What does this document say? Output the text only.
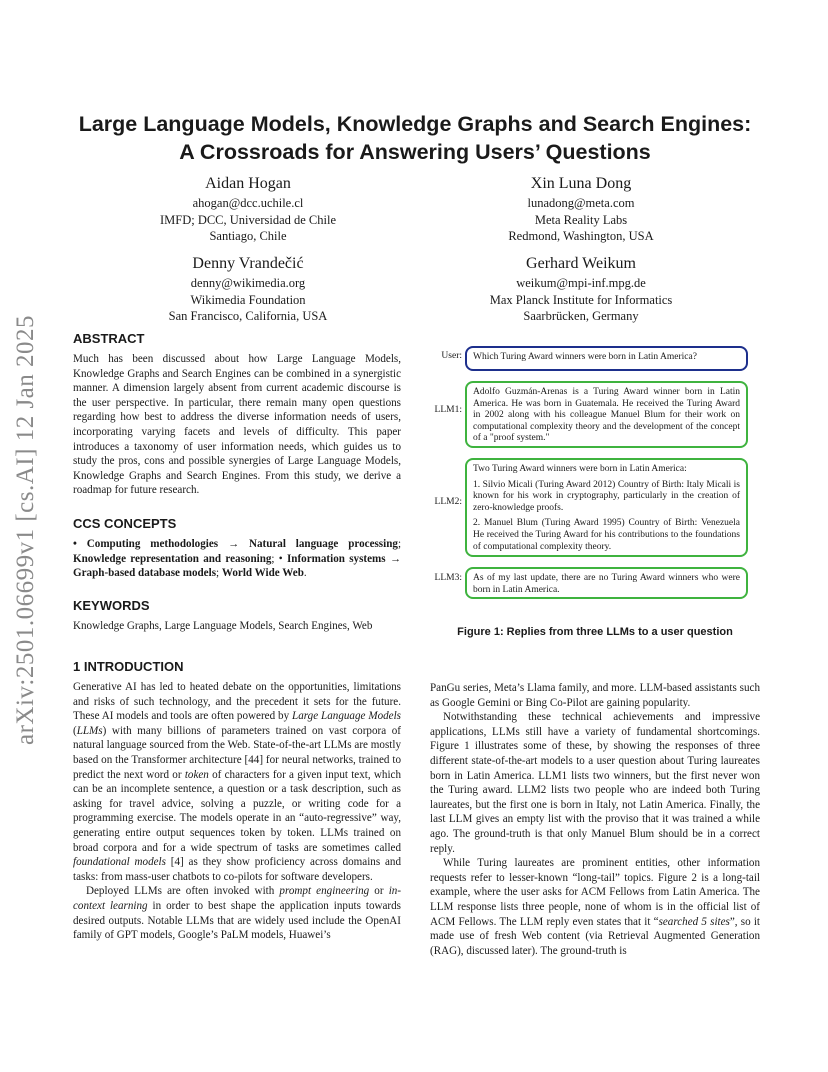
arXiv:2501.06699v1 [cs.AI] 12 Jan 2025
Large Language Models, Knowledge Graphs and Search Engines:
A Crossroads for Answering Users’ Questions
Aidan Hogan
ahogan@dcc.uchile.cl
IMFD; DCC, Universidad de Chile
Santiago, Chile
Xin Luna Dong
lunadong@meta.com
Meta Reality Labs
Redmond, Washington, USA
Denny Vrandečić
denny@wikimedia.org
Wikimedia Foundation
San Francisco, California, USA
Gerhard Weikum
weikum@mpi-inf.mpg.de
Max Planck Institute for Informatics
Saarbrücken, Germany
ABSTRACT

Much has been discussed about how Large Language Models, Knowledge Graphs and Search Engines can be combined in a synergistic manner. A dimension largely absent from current academic discourse is the user perspective. In particular, there remain many open questions regarding how best to address the diverse information needs of users, incorporating varying facets and levels of difficulty. This paper introduces a taxonomy of user information needs, which guides us to study the pros, cons and possible synergies of Large Language Models, Knowledge Graphs and Search Engines. From this study, we derive a roadmap for future research.

CCS CONCEPTS

• Computing methodologies → Natural language processing; Knowledge representation and reasoning; • Information systems → Graph-based database models; World Wide Web.

KEYWORDS

Knowledge Graphs, Large Language Models, Search Engines, Web

1 INTRODUCTION

Generative AI has led to heated debate on the opportunities, limitations and risks of such technology, and the precedent it sets for the future. These AI models and tools are often powered by Large Language Models (LLMs) with many billions of parameters trained on vast corpora of natural language sourced from the Web. State-of-the-art LLMs are mostly based on the Transformer architecture [44] for neural networks, trained to predict the next word or token of characters for a given input text, which can be an incomplete sentence, a question or a task description, such as asking for travel advice, solving a puzzle, or writing code for a programming exercise. The models operate in an “auto-regressive” way, generating entire output sequences token by token. LLMs trained on broad corpora and for a wide spectrum of tasks are sometimes called foundational models [4] as they show proficiency across domains and tasks: from mass-user chatbots to co-pilots for software developers.

Deployed LLMs are often invoked with prompt engineering or in-context learning in order to best shape the application inputs towards desired outputs. Notable LLMs that are widely used include the OpenAI family of GPT models, Google’s PaLM models, Huawei’s

PanGu series, Meta’s Llama family, and more. LLM-based assistants such as Google Gemini or Bing Co-Pilot are gaining popularity.

Notwithstanding these technical achievements and impressive applications, LLMs still have a variety of fundamental shortcomings. Figure 1 illustrates some of these, by showing the responses of three different state-of-the-art models to a user question about Turing laureates born in Latin America. LLM1 lists two winners, but the first never won the Turing award. LLM2 lists two people who are indeed both Turing laureates, but the first one is born in Italy, not Latin America. Finally, the last LLM gives an empty list with the proviso that it was trained a while ago. The ground-truth is that only Manuel Blum should be in a correct reply.

While Turing laureates are prominent entities, other information requests refer to lesser-known “long-tail” topics. Figure 2 is a long-tail example, where the user asks for ACM Fellows from Latin America. The LLM response lists three people, none of whom is in the official list of ACM Fellows. The LLM reply even states that it “searched 5 sites”, so it made use of fresh Web content (via Retrieval Augmented Generation (RAG), discussed later). The ground-truth is

User:	Which Turing Award winners were born in Latin America?
LLM1:
Adolfo Guzmán-Arenas is a Turing Award winner born in Latin America. He was born in Guatemala. He received the Turing Award in 2002 along with his colleague Manuel Blum for their work on computational complexity theory and the development of the concept of a "proof system."
LLM2:

Two Turing Award winners were born in Latin America:

1. Silvio Micali (Turing Award 2012) Country of Birth: Italy Micali is known for his work in cryptography, particularly in the creation of zero-knowledge proofs.

2. Manuel Blum (Turing Award 1995) Country of Birth: Venezuela He received the Turing Award for his contributions to the foundations of computational complexity theory.

LLM3:	As of my last update, there are no Turing Award winners who were born in Latin America.
Figure 1: Replies from three LLMs to a user question
